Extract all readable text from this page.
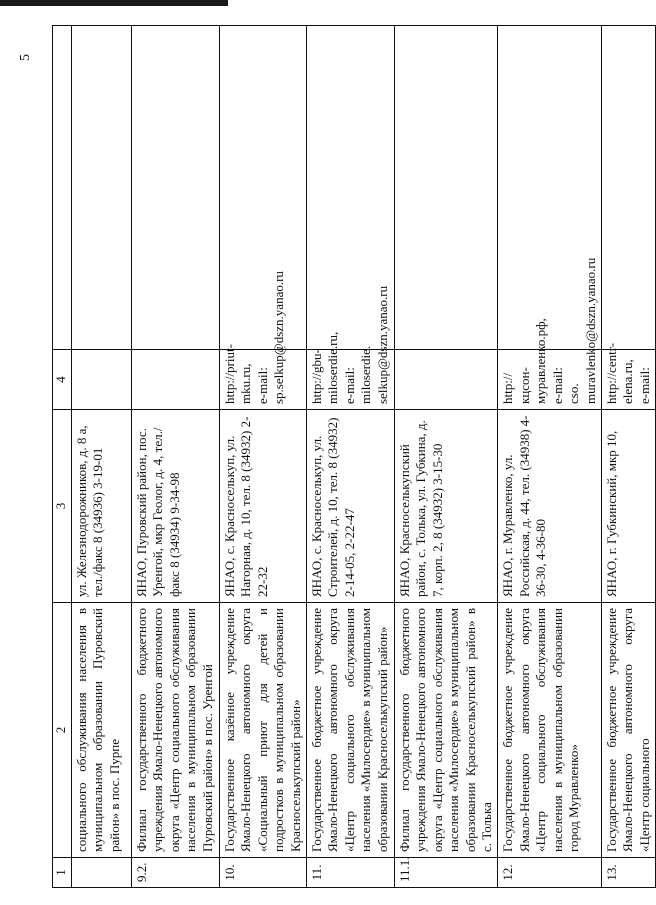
5
1	2	3	4	
	социального обслуживания населения в муниципальном образовании Пуровский район» в пос. Пурпе	ул. Железнодорожников, д. 8 а, тел./факс 8 (34936) 3-19-01		
9.2.	Филиал государственного бюджетного учреждения Ямало-Ненецкого автономного округа «Центр социального обслуживания населения в муниципальном образовании Пуровский район» в пос. Уренгой	ЯНАО, Пуровский район, пос. Уренгой, мкр Геолог, д. 4, тел./факс 8 (34934) 9-34-98		
10.	Государственное казённое учреждение Ямало-Ненецкого автономного округа «Социальный приют для детей и подростков в муниципальном образовании Красноселькупский район»	ЯНАО, с. Красноселькуп, ул. Нагорная, д. 10, тел. 8 (34932) 2-22-32	http://priut-mku.ru, e-mail: sp.selkup@dszn.yanao.ru	
11.	Государственное бюджетное учреждение Ямало-Ненецкого автономного округа «Центр социального обслуживания населения «Милосердие» в муниципальном образовании Красноселькупский район»	ЯНАО, с. Красноселькуп, ул. Строителей, д. 10, тел. 8 (34932) 2-14-05, 2-22-47	http://gbu-miloserdie.ru, e-mail: miloserdie. selkup@dszn.yanao.ru	
11.1.	Филиал государственного бюджетного учреждения Ямало-Ненецкого автономного округа «Центр социального обслуживания населения «Милосердие» в муниципальном образовании Красноселькупский район» в с. Толька	ЯНАО, Красноселькупский район, с. Толька, ул. Губкина, д. 7, корп. 2, 8 (34932) 3-15-30		
12.	Государственное бюджетное учреждение Ямало-Ненецкого автономного округа «Центр социального обслуживания населения в муниципальном образовании город Муравленко»	ЯНАО, г. Муравленко, ул. Российская, д. 44, тел. (34938) 4-36-30, 4-36-80	http://кцсон-муравленко.рф, e-mail: cso. muravlenko@dszn.yanao.ru	
13.	Государственное бюджетное учреждение Ямало-Ненецкого автономного округа «Центр социального	ЯНАО, г. Губкинский, мкр 10,	http://centr-elena.ru, e-mail:	
